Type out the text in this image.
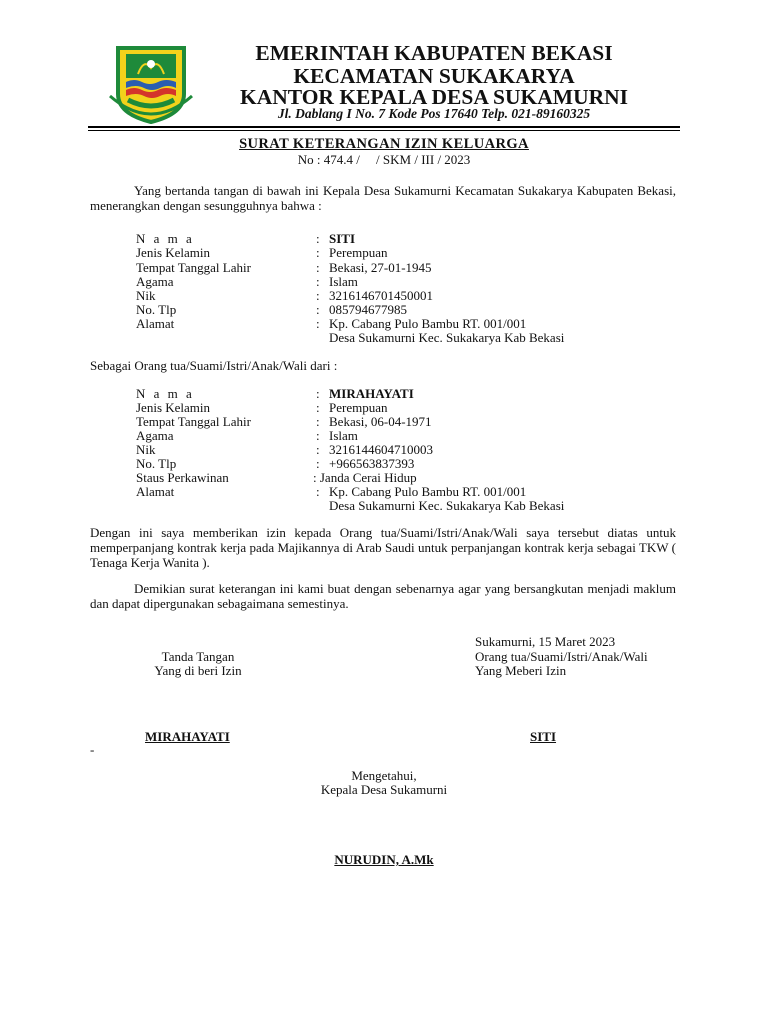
EMERINTAH KABUPATEN BEKASI
KECAMATAN SUKAKARYA
KANTOR KEPALA DESA SUKAMURNI
Jl. Dablang I No. 7 Kode Pos 17640 Telp. 021-89160325
SURAT KETERANGAN IZIN KELUARGA
No : 474.4 /     / SKM / III / 2023
Yang bertanda tangan di bawah ini Kepala Desa Sukamurni Kecamatan Sukakarya Kabupaten Bekasi, menerangkan dengan sesungguhnya bahwa :
N a m a	: SITI
Jenis Kelamin	: Perempuan
Tempat Tanggal Lahir	: Bekasi, 27-01-1945
Agama	: Islam
Nik	: 3216146701450001
No. Tlp	: 085794677985
Alamat	: Kp. Cabang Pulo Bambu RT. 001/001
Desa Sukamurni Kec. Sukakarya Kab Bekasi
Sebagai Orang tua/Suami/Istri/Anak/Wali dari :
N a m a	: MIRAHAYATI
Jenis Kelamin	: Perempuan
Tempat Tanggal Lahir	: Bekasi, 06-04-1971
Agama	: Islam
Nik	: 3216144604710003
No. Tlp	: +966563837393
Staus Perkawinan	: Janda Cerai Hidup
Alamat	: Kp. Cabang Pulo Bambu RT. 001/001
Desa Sukamurni Kec. Sukakarya Kab Bekasi
Dengan ini saya memberikan izin kepada Orang tua/Suami/Istri/Anak/Wali saya tersebut diatas untuk memperpanjang kontrak kerja pada Majikannya di Arab Saudi untuk perpanjangan kontrak kerja sebagai TKW ( Tenaga Kerja Wanita ).
Demikian surat keterangan ini kami buat dengan sebenarnya agar yang bersangkutan menjadi maklum dan dapat dipergunakan sebagaimana semestinya.
Sukamurni, 15 Maret 2023
Tanda Tangan
Yang di beri Izin
Orang tua/Suami/Istri/Anak/Wali
Yang Meberi Izin
MIRAHAYATI	SITI
-
Mengetahui,
Kepala Desa Sukamurni
NURUDIN, A.Mk
